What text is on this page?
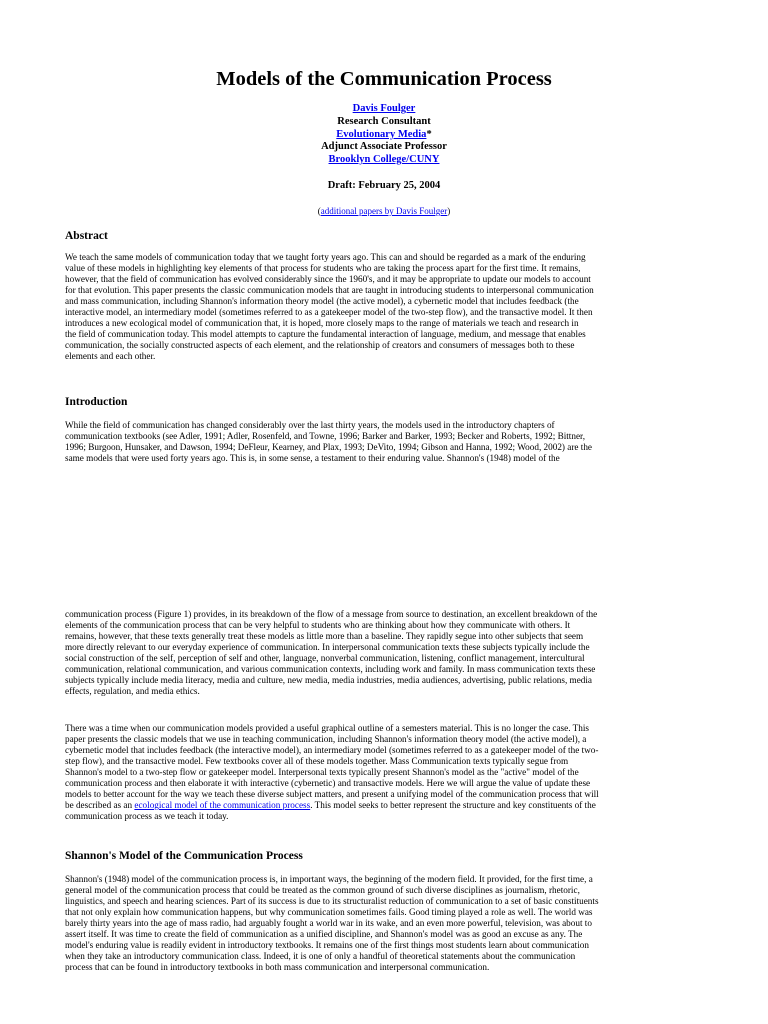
Models of the Communication Process
Davis Foulger
Research Consultant
Evolutionary Media*
Adjunct Associate Professor
Brooklyn College/CUNY
Draft: February 25, 2004
(additional papers by Davis Foulger)
Abstract
We teach the same models of communication today that we taught forty years ago. This can and should be regarded as a mark of the enduring
value of these models in highlighting key elements of that process for students who are taking the process apart for the first time. It remains,
however, that the field of communication has evolved considerably since the 1960's, and it may be appropriate to update our models to account
for that evolution. This paper presents the classic communication models that are taught in introducing students to interpersonal communication
and mass communication, including Shannon's information theory model (the active model), a cybernetic model that includes feedback (the
interactive model, an intermediary model (sometimes referred to as a gatekeeper model of the two-step flow), and the transactive model. It then
introduces a new ecological model of communication that, it is hoped, more closely maps to the range of materials we teach and research in
the field of communication today. This model attempts to capture the fundamental interaction of language, medium, and message that enables
communication, the socially constructed aspects of each element, and the relationship of creators and consumers of messages both to these
elements and each other.
Introduction
While the field of communication has changed considerably over the last thirty years, the models used in the introductory chapters of
communication textbooks (see Adler, 1991; Adler, Rosenfeld, and Towne, 1996; Barker and Barker, 1993; Becker and Roberts, 1992; Bittner,
1996; Burgoon, Hunsaker, and Dawson, 1994; DeFleur, Kearney, and Plax, 1993; DeVito, 1994; Gibson and Hanna, 1992; Wood, 2002) are the
same models that were used forty years ago. This is, in some sense, a testament to their enduring value. Shannon's (1948) model of the
communication process (Figure 1) provides, in its breakdown of the flow of a message from source to destination, an excellent breakdown of the
elements of the communication process that can be very helpful to students who are thinking about how they communicate with others. It
remains, however, that these texts generally treat these models as little more than a baseline. They rapidly segue into other subjects that seem
more directly relevant to our everyday experience of communication. In interpersonal communication texts these subjects typically include the
social construction of the self, perception of self and other, language, nonverbal communication, listening, conflict management, intercultural
communication, relational communication, and various communication contexts, including work and family. In mass communication texts these
subjects typically include media literacy, media and culture, new media, media industries, media audiences, advertising, public relations, media
effects, regulation, and media ethics.
There was a time when our communication models provided a useful graphical outline of a semesters material. This is no longer the case. This
paper presents the classic models that we use in teaching communication, including Shannon's information theory model (the active model), a
cybernetic model that includes feedback (the interactive model), an intermediary model (sometimes referred to as a gatekeeper model of the two-
step flow), and the transactive model. Few textbooks cover all of these models together. Mass Communication texts typically segue from
Shannon's model to a two-step flow or gatekeeper model. Interpersonal texts typically present Shannon's model as the "active" model of the
communication process and then elaborate it with interactive (cybernetic) and transactive models. Here we will argue the value of update these
models to better account for the way we teach these diverse subject matters, and present a unifying model of the communication process that will
be described as an ecological model of the communication process. This model seeks to better represent the structure and key constituents of the
communication process as we teach it today.
Shannon's Model of the Communication Process
Shannon's (1948) model of the communication process is, in important ways, the beginning of the modern field. It provided, for the first time, a
general model of the communication process that could be treated as the common ground of such diverse disciplines as journalism, rhetoric,
linguistics, and speech and hearing sciences. Part of its success is due to its structuralist reduction of communication to a set of basic constituents
that not only explain how communication happens, but why communication sometimes fails. Good timing played a role as well. The world was
barely thirty years into the age of mass radio, had arguably fought a world war in its wake, and an even more powerful, television, was about to
assert itself. It was time to create the field of communication as a unified discipline, and Shannon's model was as good an excuse as any. The
model's enduring value is readily evident in introductory textbooks. It remains one of the first things most students learn about communication
when they take an introductory communication class. Indeed, it is one of only a handful of theoretical statements about the communication
process that can be found in introductory textbooks in both mass communication and interpersonal communication.
